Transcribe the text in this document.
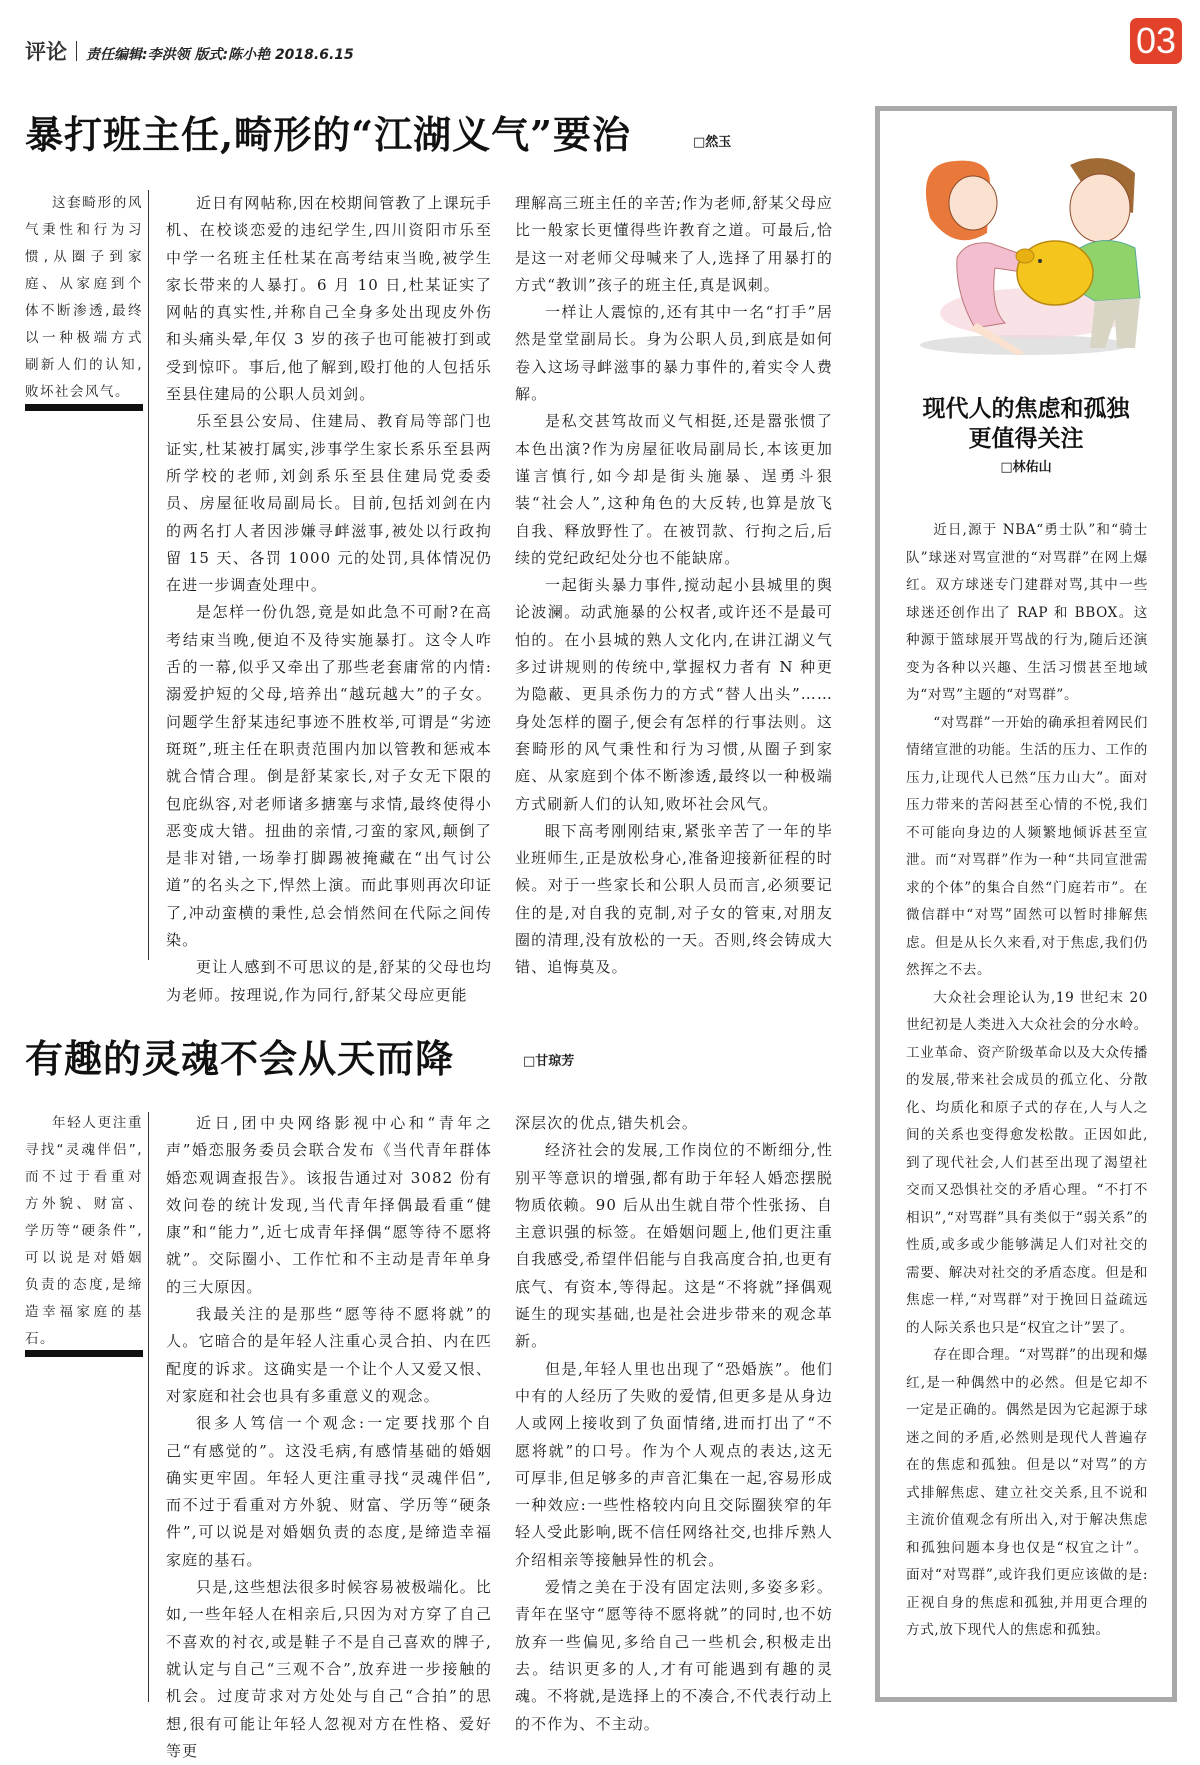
评论 责任编辑:李洪领 版式:陈小艳 2018.6.15	03
暴打班主任,畸形的“江湖义气”要治	□然玉

这套畸形的风气秉性和行为习惯,从圈子到家庭、从家庭到个体不断渗透,最终以一种极端方式刷新人们的认知,败坏社会风气。

近日有网帖称,因在校期间管教了上课玩手机、在校谈恋爱的违纪学生,四川资阳市乐至中学一名班主任杜某在高考结束当晚,被学生家长带来的人暴打。6 月 10 日,杜某证实了网帖的真实性,并称自己全身多处出现皮外伤和头痛头晕,年仅 3 岁的孩子也可能被打到或受到惊吓。事后,他了解到,殴打他的人包括乐至县住建局的公职人员刘剑。

乐至县公安局、住建局、教育局等部门也证实,杜某被打属实,涉事学生家长系乐至县两所学校的老师,刘剑系乐至县住建局党委委员、房屋征收局副局长。目前,包括刘剑在内的两名打人者因涉嫌寻衅滋事,被处以行政拘留 15 天、各罚 1000 元的处罚,具体情况仍在进一步调查处理中。

是怎样一份仇怨,竟是如此急不可耐?在高考结束当晚,便迫不及待实施暴打。这令人咋舌的一幕,似乎又牵出了那些老套庸常的内情:溺爱护短的父母,培养出“越玩越大”的子女。问题学生舒某违纪事迹不胜枚举,可谓是“劣迹斑斑”,班主任在职责范围内加以管教和惩戒本就合情合理。倒是舒某家长,对子女无下限的包庇纵容,对老师诸多搪塞与求情,最终使得小恶变成大错。扭曲的亲情,刁蛮的家风,颠倒了是非对错,一场拳打脚踢被掩藏在“出气讨公道”的名头之下,悍然上演。而此事则再次印证了,冲动蛮横的秉性,总会悄然间在代际之间传染。

更让人感到不可思议的是,舒某的父母也均为老师。按理说,作为同行,舒某父母应更能

理解高三班主任的辛苦;作为老师,舒某父母应比一般家长更懂得些许教育之道。可最后,恰是这一对老师父母喊来了人,选择了用暴打的方式“教训”孩子的班主任,真是讽刺。

一样让人震惊的,还有其中一名“打手”居然是堂堂副局长。身为公职人员,到底是如何卷入这场寻衅滋事的暴力事件的,着实令人费解。

是私交甚笃故而义气相挺,还是嚣张惯了本色出演?作为房屋征收局副局长,本该更加谨言慎行,如今却是街头施暴、逞勇斗狠装“社会人”,这种角色的大反转,也算是放飞自我、释放野性了。在被罚款、行拘之后,后续的党纪政纪处分也不能缺席。

一起街头暴力事件,搅动起小县城里的舆论波澜。动武施暴的公权者,或许还不是最可怕的。在小县城的熟人文化内,在讲江湖义气多过讲规则的传统中,掌握权力者有 N 种更为隐蔽、更具杀伤力的方式“替人出头”……身处怎样的圈子,便会有怎样的行事法则。这套畸形的风气秉性和行为习惯,从圈子到家庭、从家庭到个体不断渗透,最终以一种极端方式刷新人们的认知,败坏社会风气。

眼下高考刚刚结束,紧张辛苦了一年的毕业班师生,正是放松身心,准备迎接新征程的时候。对于一些家长和公职人员而言,必须要记住的是,对自我的克制,对子女的管束,对朋友圈的清理,没有放松的一天。否则,终会铸成大错、追悔莫及。

有趣的灵魂不会从天而降	□甘琼芳

年轻人更注重寻找“灵魂伴侣”,而不过于看重对方外貌、财富、学历等“硬条件”,可以说是对婚姻负责的态度,是缔造幸福家庭的基石。

近日,团中央网络影视中心和“青年之声”婚恋服务委员会联合发布《当代青年群体婚恋观调查报告》。该报告通过对 3082 份有效问卷的统计发现,当代青年择偶最看重“健康”和“能力”,近七成青年择偶“愿等待不愿将就”。交际圈小、工作忙和不主动是青年单身的三大原因。

我最关注的是那些“愿等待不愿将就”的人。它暗合的是年轻人注重心灵合拍、内在匹配度的诉求。这确实是一个让个人又爱又恨、对家庭和社会也具有多重意义的观念。

很多人笃信一个观念:一定要找那个自己“有感觉的”。这没毛病,有感情基础的婚姻确实更牢固。年轻人更注重寻找“灵魂伴侣”,而不过于看重对方外貌、财富、学历等“硬条件”,可以说是对婚姻负责的态度,是缔造幸福家庭的基石。

只是,这些想法很多时候容易被极端化。比如,一些年轻人在相亲后,只因为对方穿了自己不喜欢的衬衣,或是鞋子不是自己喜欢的牌子,就认定与自己“三观不合”,放弃进一步接触的机会。过度苛求对方处处与自己“合拍”的思想,很有可能让年轻人忽视对方在性格、爱好等更

深层次的优点,错失机会。

经济社会的发展,工作岗位的不断细分,性别平等意识的增强,都有助于年轻人婚恋摆脱物质依赖。90 后从出生就自带个性张扬、自主意识强的标签。在婚姻问题上,他们更注重自我感受,希望伴侣能与自我高度合拍,也更有底气、有资本,等得起。这是“不将就”择偶观诞生的现实基础,也是社会进步带来的观念革新。

但是,年轻人里也出现了“恐婚族”。他们中有的人经历了失败的爱情,但更多是从身边人或网上接收到了负面情绪,进而打出了“不愿将就”的口号。作为个人观点的表达,这无可厚非,但足够多的声音汇集在一起,容易形成一种效应:一些性格较内向且交际圈狭窄的年轻人受此影响,既不信任网络社交,也排斥熟人介绍相亲等接触异性的机会。

爱情之美在于没有固定法则,多姿多彩。青年在坚守“愿等待不愿将就”的同时,也不妨放弃一些偏见,多给自己一些机会,积极走出去。结识更多的人,才有可能遇到有趣的灵魂。不将就,是选择上的不凑合,不代表行动上的不作为、不主动。

现代人的焦虑和孤独
更值得关注
□林佑山

近日,源于 NBA“勇士队”和“骑士队”球迷对骂宣泄的“对骂群”在网上爆红。双方球迷专门建群对骂,其中一些球迷还创作出了 RAP 和 BBOX。这种源于篮球展开骂战的行为,随后还演变为各种以兴趣、生活习惯甚至地域为“对骂”主题的“对骂群”。

“对骂群”一开始的确承担着网民们情绪宣泄的功能。生活的压力、工作的压力,让现代人已然“压力山大”。面对压力带来的苦闷甚至心情的不悦,我们不可能向身边的人频繁地倾诉甚至宣泄。而“对骂群”作为一种“共同宣泄需求的个体”的集合自然“门庭若市”。在微信群中“对骂”固然可以暂时排解焦虑。但是从长久来看,对于焦虑,我们仍然挥之不去。

大众社会理论认为,19 世纪末 20 世纪初是人类进入大众社会的分水岭。工业革命、资产阶级革命以及大众传播的发展,带来社会成员的孤立化、分散化、均质化和原子式的存在,人与人之间的关系也变得愈发松散。正因如此,到了现代社会,人们甚至出现了渴望社交而又恐惧社交的矛盾心理。“不打不相识”,“对骂群”具有类似于“弱关系”的性质,或多或少能够满足人们对社交的需要、解决对社交的矛盾态度。但是和焦虑一样,“对骂群”对于挽回日益疏远的人际关系也只是“权宜之计”罢了。

存在即合理。“对骂群”的出现和爆红,是一种偶然中的必然。但是它却不一定是正确的。偶然是因为它起源于球迷之间的矛盾,必然则是现代人普遍存在的焦虑和孤独。但是以“对骂”的方式排解焦虑、建立社交关系,且不说和主流价值观念有所出入,对于解决焦虑和孤独问题本身也仅是“权宜之计”。面对“对骂群”,或许我们更应该做的是:正视自身的焦虑和孤独,并用更合理的方式,放下现代人的焦虑和孤独。
